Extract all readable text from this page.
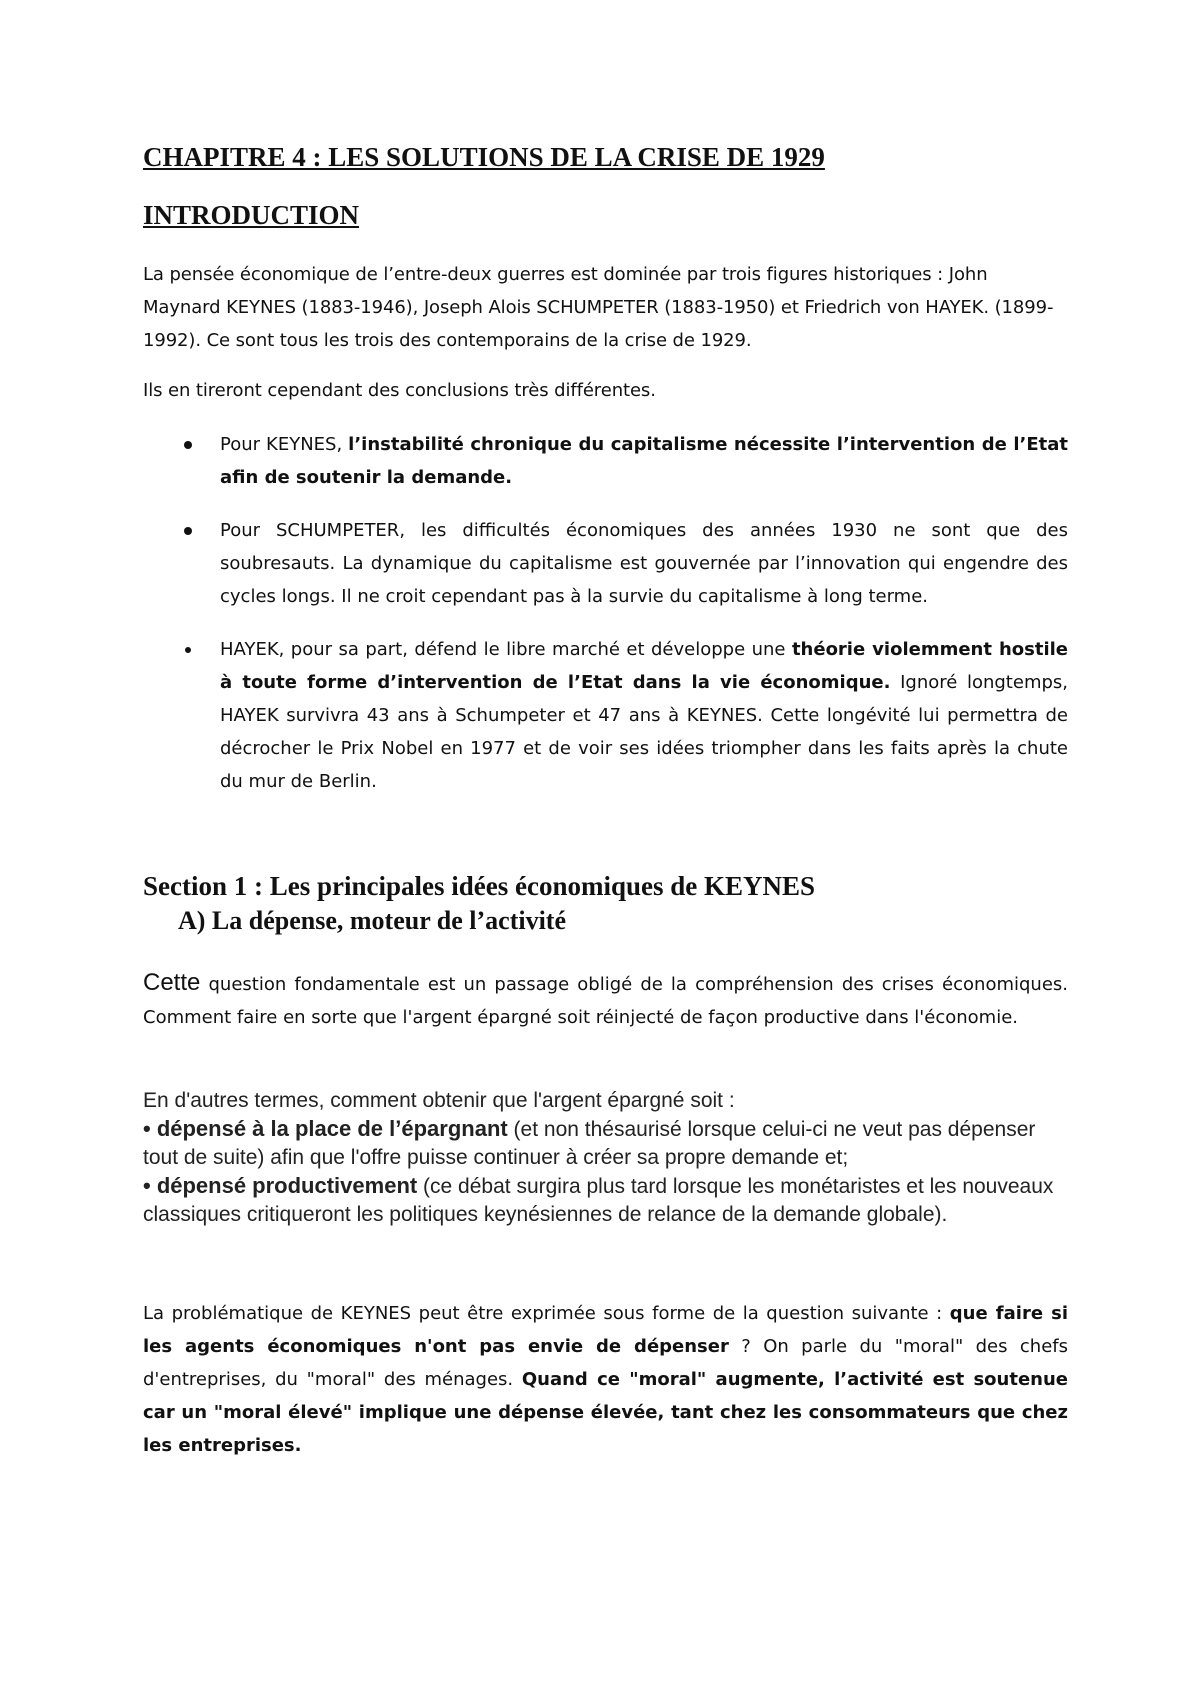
CHAPITRE 4 : LES SOLUTIONS DE LA CRISE DE 1929
INTRODUCTION
La pensée économique de l’entre-deux guerres est dominée par trois figures historiques : John Maynard KEYNES (1883-1946), Joseph Alois SCHUMPETER (1883-1950) et Friedrich von HAYEK. (1899-1992). Ce sont tous les trois des contemporains de la crise de 1929.
Ils en tireront cependant des conclusions très différentes.
Pour KEYNES, l’instabilité chronique du capitalisme nécessite l’intervention de l’Etat afin de soutenir la demande.
Pour SCHUMPETER, les difficultés économiques des années 1930 ne sont que des soubresauts. La dynamique du capitalisme est gouvernée par l’innovation qui engendre des cycles longs. Il ne croit cependant pas à la survie du capitalisme à long terme.
HAYEK, pour sa part, défend le libre marché et développe une théorie violemment hostile à toute forme d’intervention de l’Etat dans la vie économique. Ignoré longtemps, HAYEK survivra 43 ans à Schumpeter et 47 ans à KEYNES. Cette longévité lui permettra de décrocher le Prix Nobel en 1977 et de voir ses idées triompher dans les faits après la chute du mur de Berlin.
Section 1 : Les principales idées économiques de KEYNES
A) La dépense, moteur de l’activité
Cette question fondamentale est un passage obligé de la compréhension des crises économiques. Comment faire en sorte que l'argent épargné soit réinjecté de façon productive dans l'économie.
En d'autres termes, comment obtenir que l'argent épargné soit :
• dépensé à la place de l’épargnant (et non thésaurisé lorsque celui-ci ne veut pas dépenser tout de suite) afin que l'offre puisse continuer à créer sa propre demande et;
• dépensé productivement (ce débat surgira plus tard lorsque les monétaristes et les nouveaux classiques critiqueront les politiques keynésiennes de relance de la demande globale).
La problématique de KEYNES peut être exprimée sous forme de la question suivante : que faire si les agents économiques n'ont pas envie de dépenser ? On parle du "moral" des chefs d'entreprises, du "moral" des ménages. Quand ce "moral" augmente, l’activité est soutenue car un "moral élevé" implique une dépense élevée, tant chez les consommateurs que chez les entreprises.
